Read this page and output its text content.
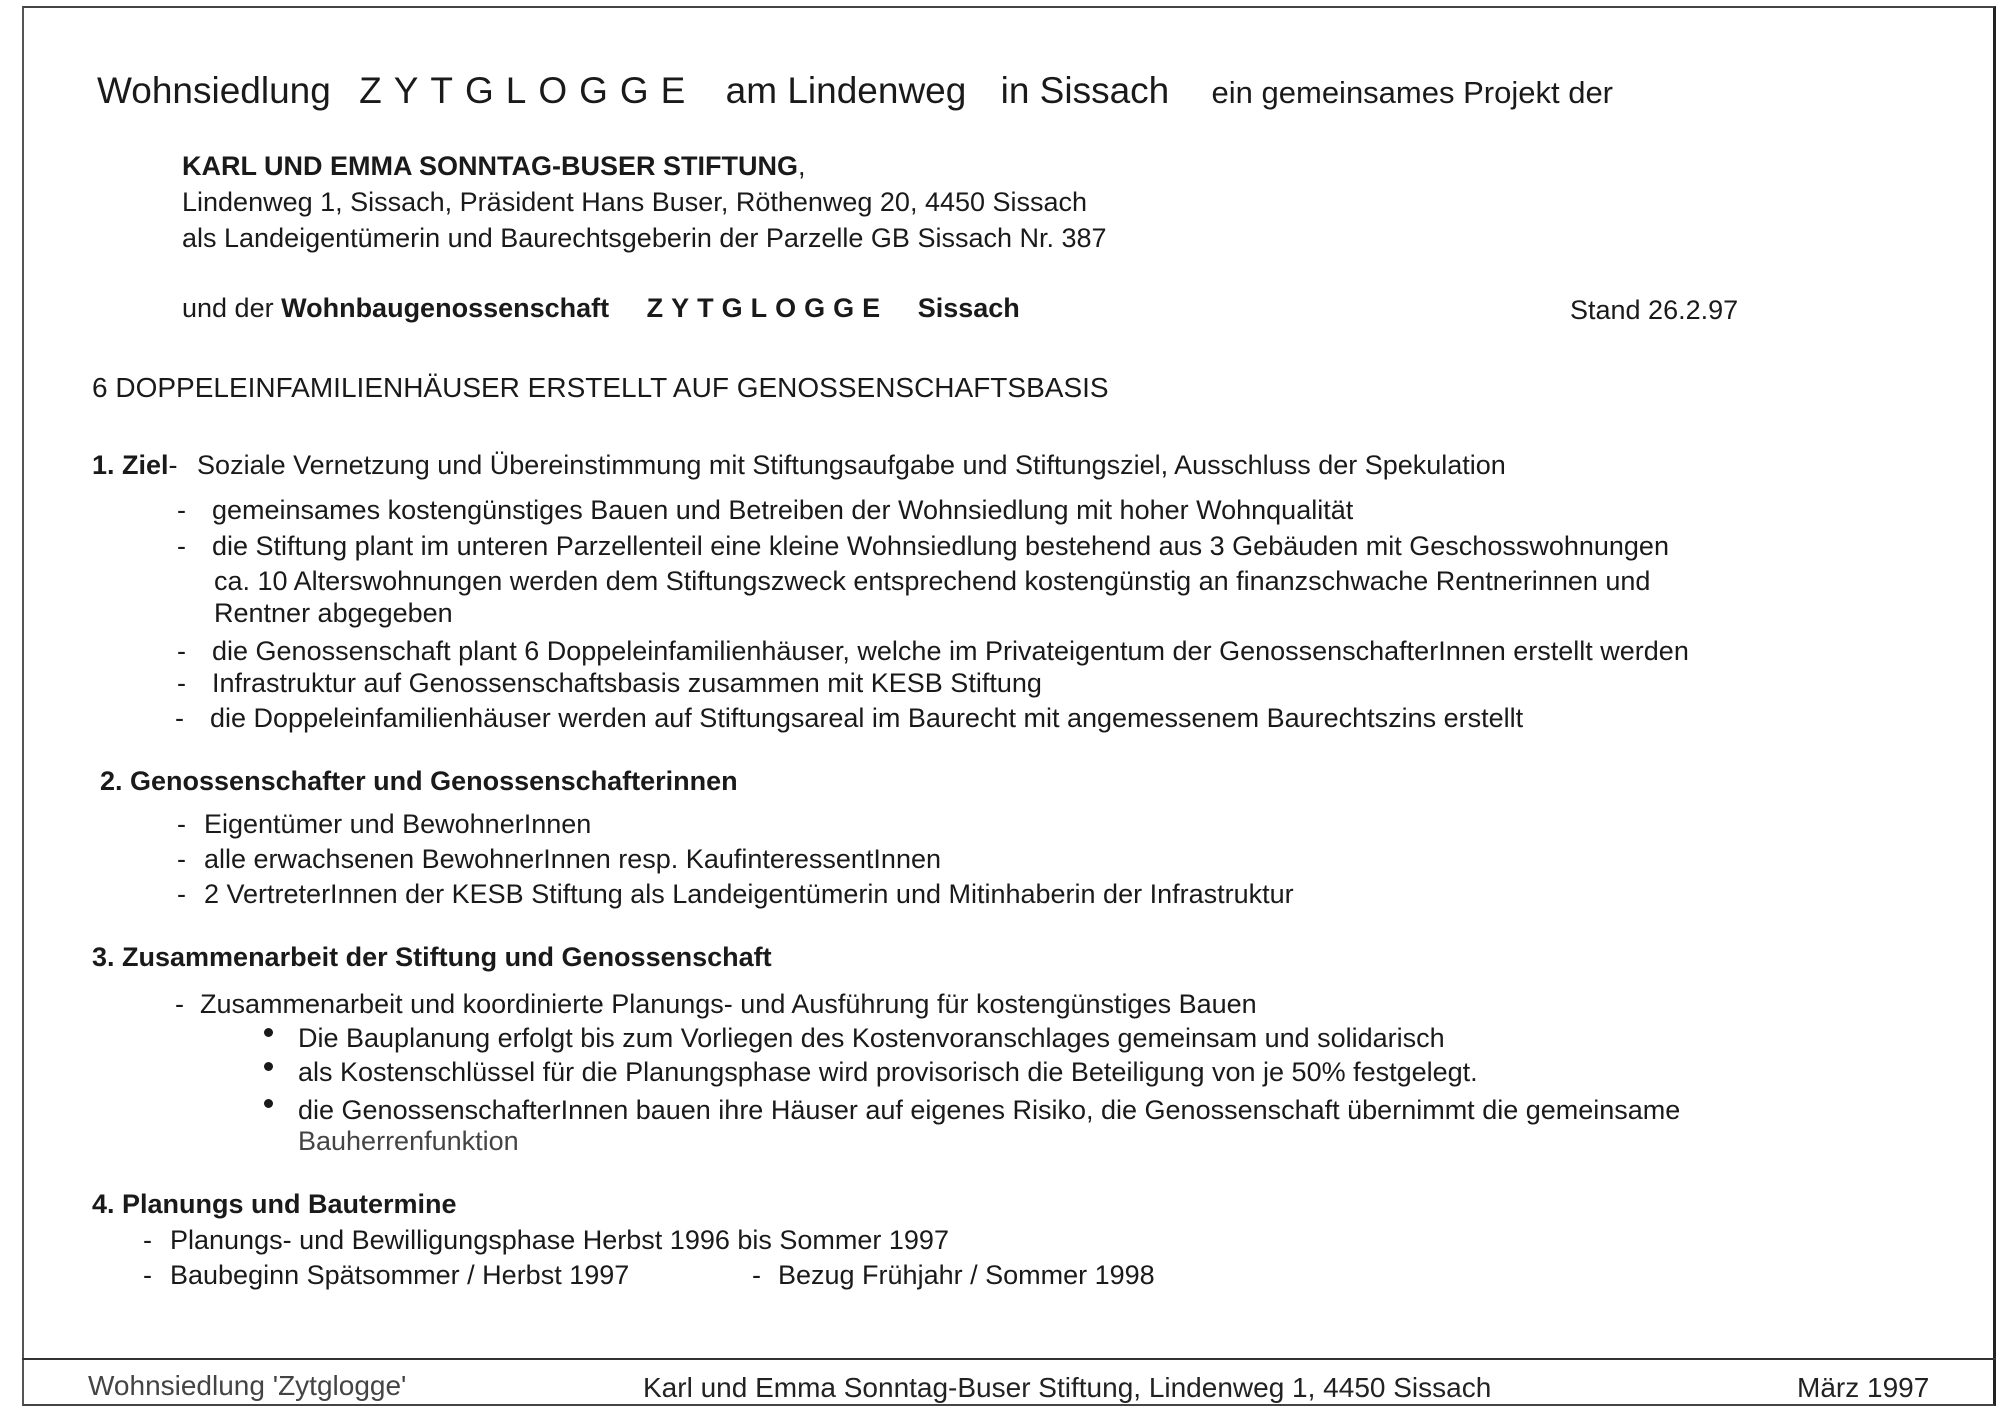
Wohnsiedlung ZYTGLOGGE am Lindenweg in Sissach ein gemeinsames Projekt der
KARL UND EMMA SONNTAG-BUSER STIFTUNG,
Lindenweg 1, Sissach, Präsident Hans Buser, Röthenweg 20, 4450 Sissach
als Landeigentümerin und Baurechtsgeberin der Parzelle GB Sissach Nr. 387
und der Wohnbaugenossenschaft ZYTGLOGGE Sissach	Stand 26.2.97
6 DOPPELEINFAMILIENHÄUSER ERSTELLT AUF GENOSSENSCHAFTSBASIS
1. Ziel- Soziale Vernetzung und Übereinstimmung mit Stiftungsaufgabe und Stiftungsziel, Ausschluss der Spekulation
- gemeinsames kostengünstiges Bauen und Betreiben der Wohnsiedlung mit hoher Wohnqualität
- die Stiftung plant im unteren Parzellenteil eine kleine Wohnsiedlung bestehend aus 3 Gebäuden mit Geschosswohnungen
ca. 10 Alterswohnungen werden dem Stiftungszweck entsprechend kostengünstig an finanzschwache Rentnerinnen und
Rentner abgegeben
- die Genossenschaft plant 6 Doppeleinfamilienhäuser, welche im Privateigentum der GenossenschafterInnen erstellt werden
- Infrastruktur auf Genossenschaftsbasis zusammen mit KESB Stiftung
- die Doppeleinfamilienhäuser werden auf Stiftungsareal im Baurecht mit angemessenem Baurechtszins erstellt
2. Genossenschafter und Genossenschafterinnen
- Eigentümer und BewohnerInnen
- alle erwachsenen BewohnerInnen resp. KaufinteressentInnen
- 2 VertreterInnen der KESB Stiftung als Landeigentümerin und Mitinhaberin der Infrastruktur
3. Zusammenarbeit der Stiftung und Genossenschaft
- Zusammenarbeit und koordinierte Planungs- und Ausführung für kostengünstiges Bauen
Die Bauplanung erfolgt bis zum Vorliegen des Kostenvoranschlages gemeinsam und solidarisch
als Kostenschlüssel für die Planungsphase wird provisorisch die Beteiligung von je 50% festgelegt.
die GenossenschafterInnen bauen ihre Häuser auf eigenes Risiko, die Genossenschaft übernimmt die gemeinsame
Bauherrenfunktion
4. Planungs und Bautermine
- Planungs- und Bewilligungsphase Herbst 1996 bis Sommer 1997
- Baubeginn Spätsommer / Herbst 1997	- Bezug Frühjahr / Sommer 1998
Wohnsiedlung 'Zytglogge'	Karl und Emma Sonntag-Buser Stiftung, Lindenweg 1, 4450 Sissach	März 1997
